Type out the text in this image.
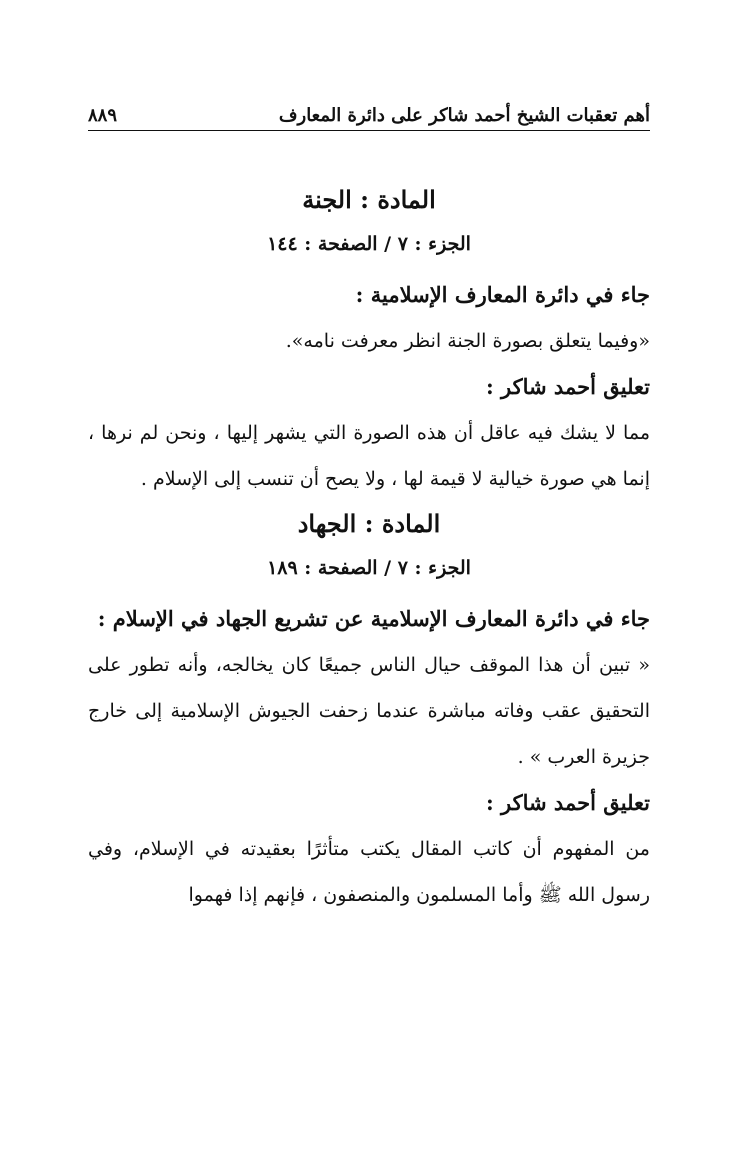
أهم تعقبات الشيخ أحمد شاكر على دائرة المعارف
٨٨٩

المادة : الجنة

الجزء : ٧ / الصفحة : ١٤٤

جاء في دائرة المعارف الإسلامية :

«وفيما يتعلق بصورة الجنة انظر معرفت نامه».

تعليق أحمد شاكر :

مما لا يشك فيه عاقل أن هذه الصورة التي يشهر إليها ، ونحن لم نرها ، إنما هي صورة خيالية لا قيمة لها ، ولا يصح أن تنسب إلى الإسلام .

المادة : الجهاد

الجزء : ٧ / الصفحة : ١٨٩

جاء في دائرة المعارف الإسلامية عن تشريع الجهاد في الإسلام :

« تبين أن هذا الموقف حيال الناس جميعًا كان يخالجه، وأنه تطور على التحقيق عقب وفاته مباشرة عندما زحفت الجيوش الإسلامية إلى خارج جزيرة العرب » .

تعليق أحمد شاكر :

من المفهوم أن كاتب المقال يكتب متأثرًا بعقيدته في الإسلام، وفي رسول الله ﷺ وأما المسلمون والمنصفون ، فإنهم إذا فهموا
